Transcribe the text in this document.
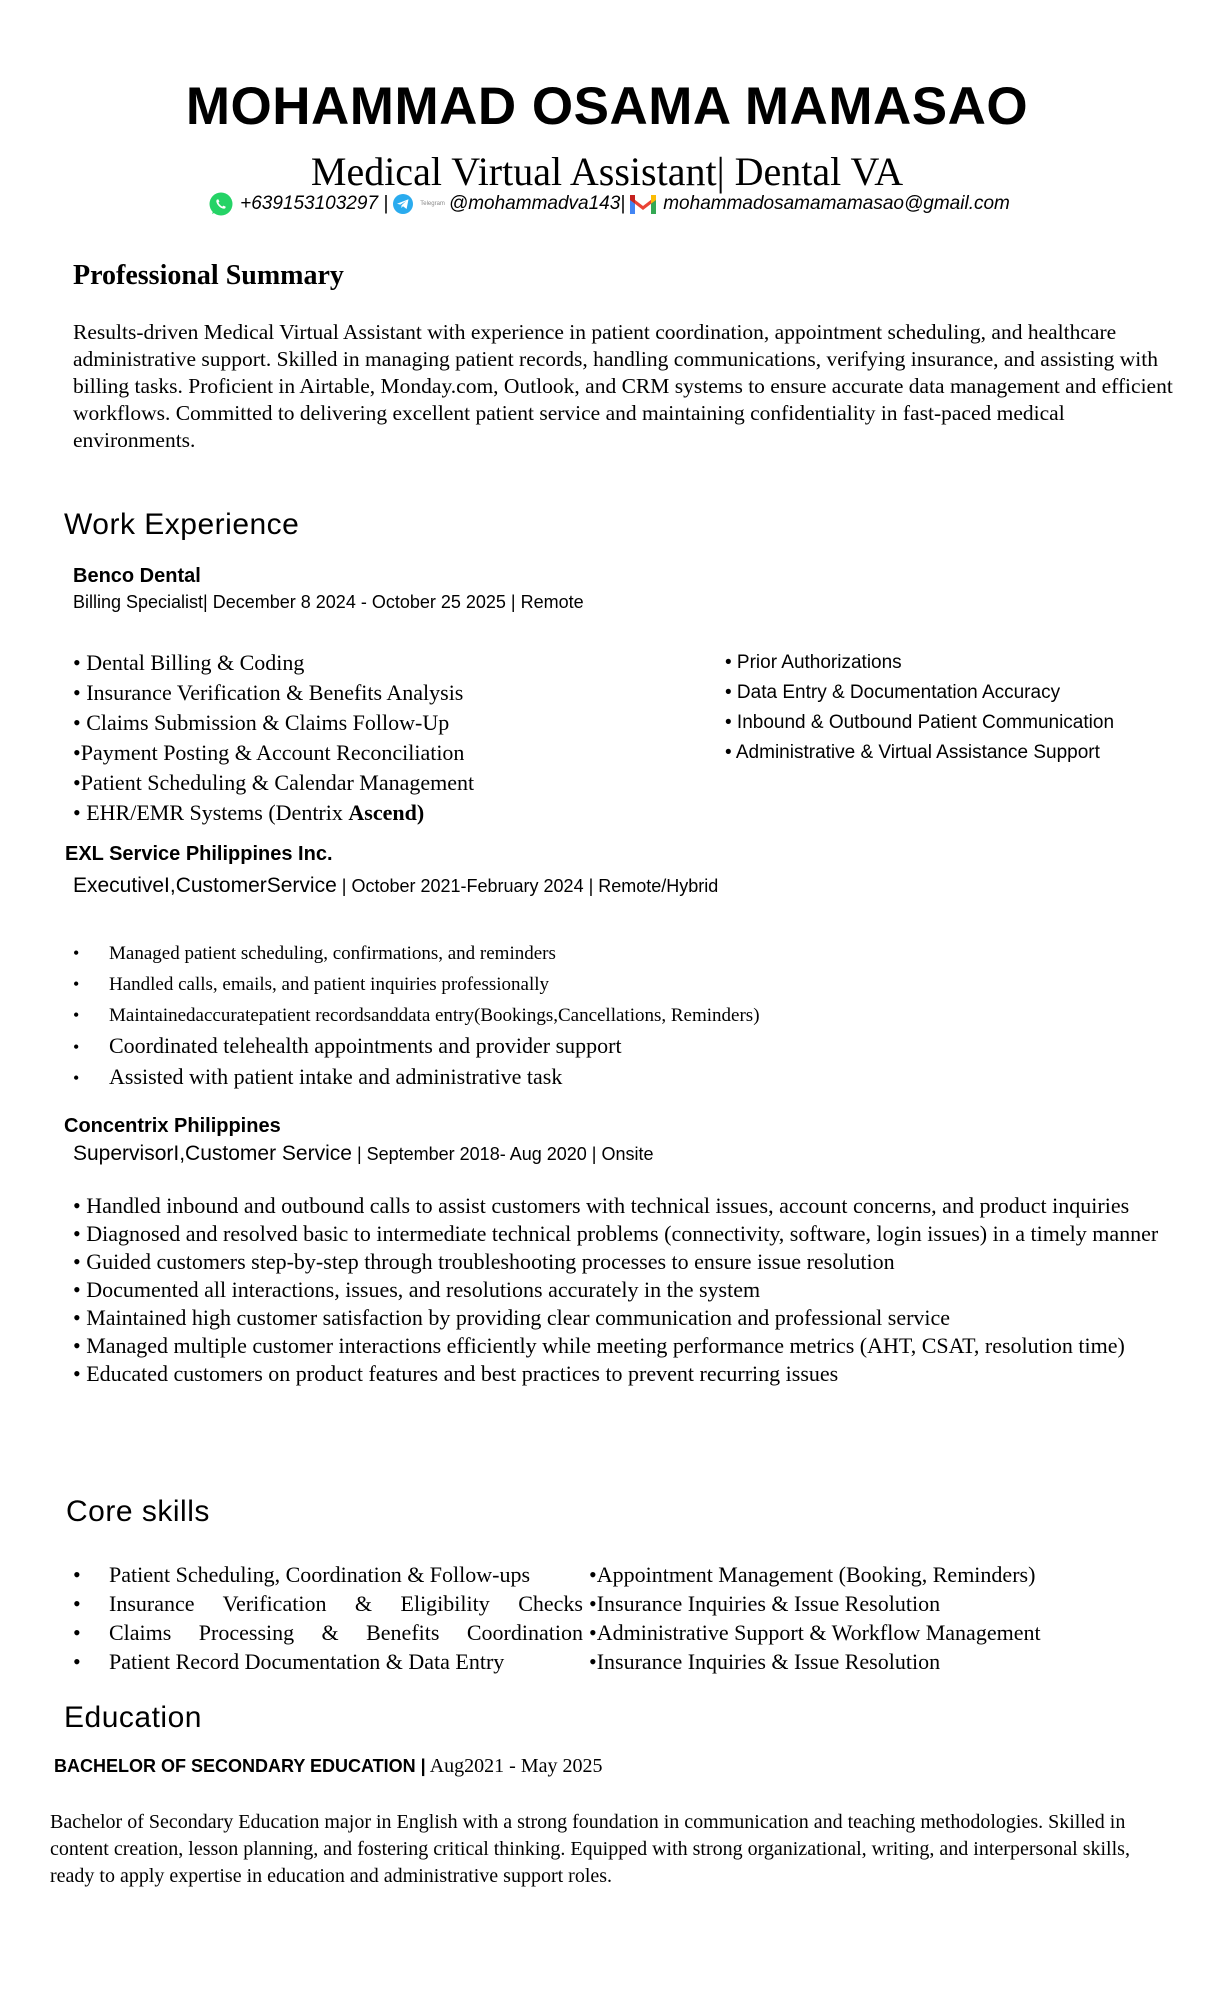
MOHAMMAD OSAMA MAMASAO
Medical Virtual Assistant| Dental VA
+639153103297 |	Telegram @mohammadva143| mohammadosamamamasao@gmail.com
Professional Summary
Results-driven Medical Virtual Assistant with experience in patient coordination, appointment scheduling, and healthcare administrative support. Skilled in managing patient records, handling communications, verifying insurance, and assisting with billing tasks. Proficient in Airtable, Monday.com, Outlook, and CRM systems to ensure accurate data management and efficient workflows. Committed to delivering excellent patient service and maintaining confidentiality in fast-paced medical environments.
Work Experience
Benco Dental
Billing Specialist| December 8 2024 - October 25 2025 | Remote
• Dental Billing & Coding
• Insurance Verification & Benefits Analysis
• Claims Submission & Claims Follow-Up
•Payment Posting & Account Reconciliation
•Patient Scheduling & Calendar Management
• EHR/EMR Systems (Dentrix Ascend)
• Prior Authorizations
• Data Entry & Documentation Accuracy
• Inbound & Outbound Patient Communication
• Administrative & Virtual Assistance Support
EXL Service Philippines Inc.
ExecutiveI,CustomerService | October 2021-February 2024 | Remote/Hybrid
•	Managed patient scheduling, confirmations, and reminders
•	Handled calls, emails, and patient inquiries professionally
•	Maintainedaccuratepatient recordsanddata entry(Bookings,Cancellations, Reminders)
•	Coordinated telehealth appointments and provider support
•	Assisted with patient intake and administrative task
Concentrix Philippines
SupervisorI,Customer Service | September 2018- Aug 2020 | Onsite
• Handled inbound and outbound calls to assist customers with technical issues, account concerns, and product inquiries
• Diagnosed and resolved basic to intermediate technical problems (connectivity, software, login issues) in a timely manner
• Guided customers step-by-step through troubleshooting processes to ensure issue resolution
• Documented all interactions, issues, and resolutions accurately in the system
• Maintained high customer satisfaction by providing clear communication and professional service
• Managed multiple customer interactions efficiently while meeting performance metrics (AHT, CSAT, resolution time)
• Educated customers on product features and best practices to prevent recurring issues
Core skills
•	Patient Scheduling, Coordination & Follow-ups	•Appointment Management (Booking, Reminders)
•	Insurance Verification & Eligibility Checks •Insurance Inquiries & Issue Resolution
•	Claims Processing & Benefits Coordination •Administrative Support & Workflow Management
•	Patient Record Documentation & Data Entry	•Insurance Inquiries & Issue Resolution
Education
BACHELOR OF SECONDARY EDUCATION | Aug2021 - May 2025
Bachelor of Secondary Education major in English with a strong foundation in communication and teaching methodologies. Skilled in content creation, lesson planning, and fostering critical thinking. Equipped with strong organizational, writing, and interpersonal skills, ready to apply expertise in education and administrative support roles.
